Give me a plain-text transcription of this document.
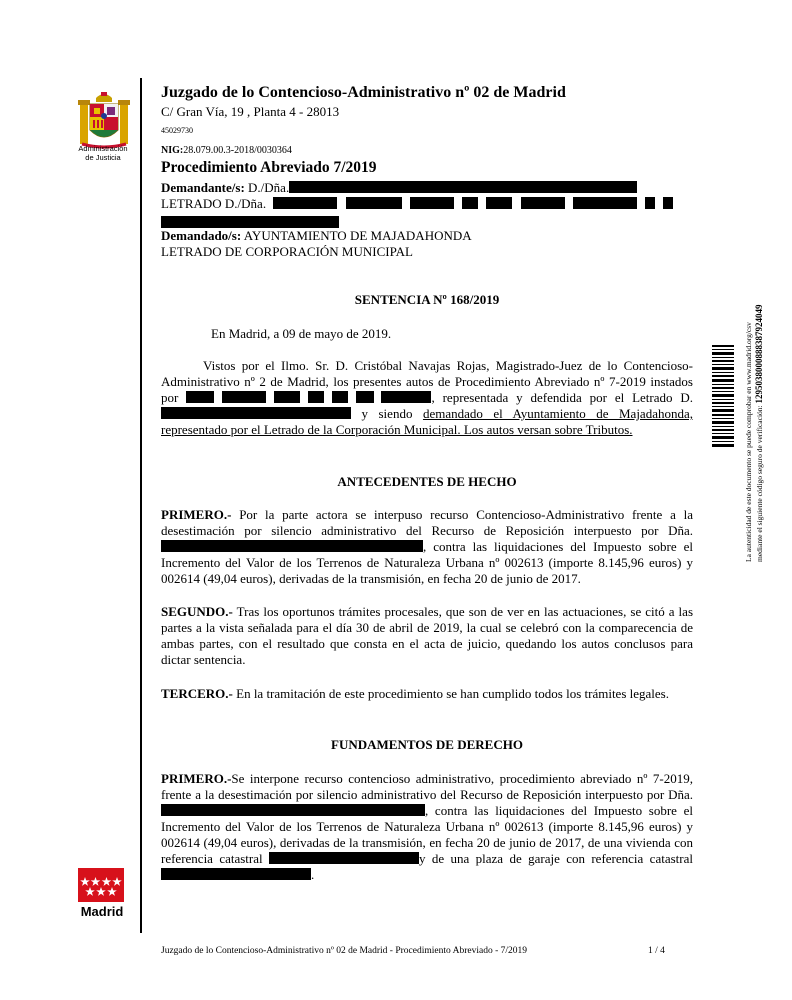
Administración
de Justicia
Madrid
Juzgado de lo Contencioso-Administrativo nº 02 de Madrid
C/ Gran Vía, 19 , Planta 4 - 28013
45029730
NIG:28.079.00.3-2018/0030364
Procedimiento Abreviado 7/2019
Demandante/s: D./Dña.
LETRADO D./Dña.
Demandado/s: AYUNTAMIENTO DE MAJADAHONDA
LETRADO DE CORPORACIÓN MUNICIPAL
SENTENCIA Nº 168/2019
En Madrid, a 09 de mayo de 2019.
Vistos por el Ilmo. Sr. D. Cristóbal Navajas Rojas, Magistrado-Juez de lo Contencioso-Administrativo nº 2 de Madrid, los presentes autos de Procedimiento Abreviado nº 7-2019 instados por	, representada y defendida por el Letrado D.  y siendo demandado el Ayuntamiento de Majadahonda, representado por el Letrado de la Corporación Municipal. Los autos versan sobre Tributos.
ANTECEDENTES DE HECHO
PRIMERO.- Por la parte actora se interpuso recurso Contencioso-Administrativo frente a la desestimación por silencio administrativo del Recurso de Reposición interpuesto por Dña. , contra las liquidaciones del Impuesto sobre el Incremento del Valor de los Terrenos de Naturaleza Urbana nº 002613 (importe 8.145,96 euros) y 002614 (49,04 euros), derivadas de la transmisión, en fecha 20 de junio de 2017.
SEGUNDO.- Tras los oportunos trámites procesales, que son de ver en las actuaciones, se citó a las partes a la vista señalada para el día 30 de abril de 2019, la cual se celebró con la comparecencia de ambas partes, con el resultado que consta en el acta de juicio, quedando los autos conclusos para dictar sentencia.
TERCERO.- En la tramitación de este procedimiento se han cumplido todos los trámites legales.
FUNDAMENTOS DE DERECHO
PRIMERO.-Se interpone recurso contencioso administrativo, procedimiento abreviado nº 7-2019, frente a la desestimación por silencio administrativo del Recurso de Reposición interpuesto por Dña. , contra las liquidaciones del Impuesto sobre el Incremento del Valor de los Terrenos de Naturaleza Urbana nº 002613 (importe 8.145,96 euros) y 002614 (49,04 euros), derivadas de la transmisión, en fecha 20 de junio de 2017, de una vivienda con referencia catastral	y de una plaza de garaje con referencia catastral .
La autenticidad de este documento se puede comprobar en www.madrid.org/csv mediante el siguiente código seguro de verificación: 1295038000888387924049
Juzgado de lo Contencioso-Administrativo nº 02 de Madrid - Procedimiento Abreviado - 7/2019	1 / 4
